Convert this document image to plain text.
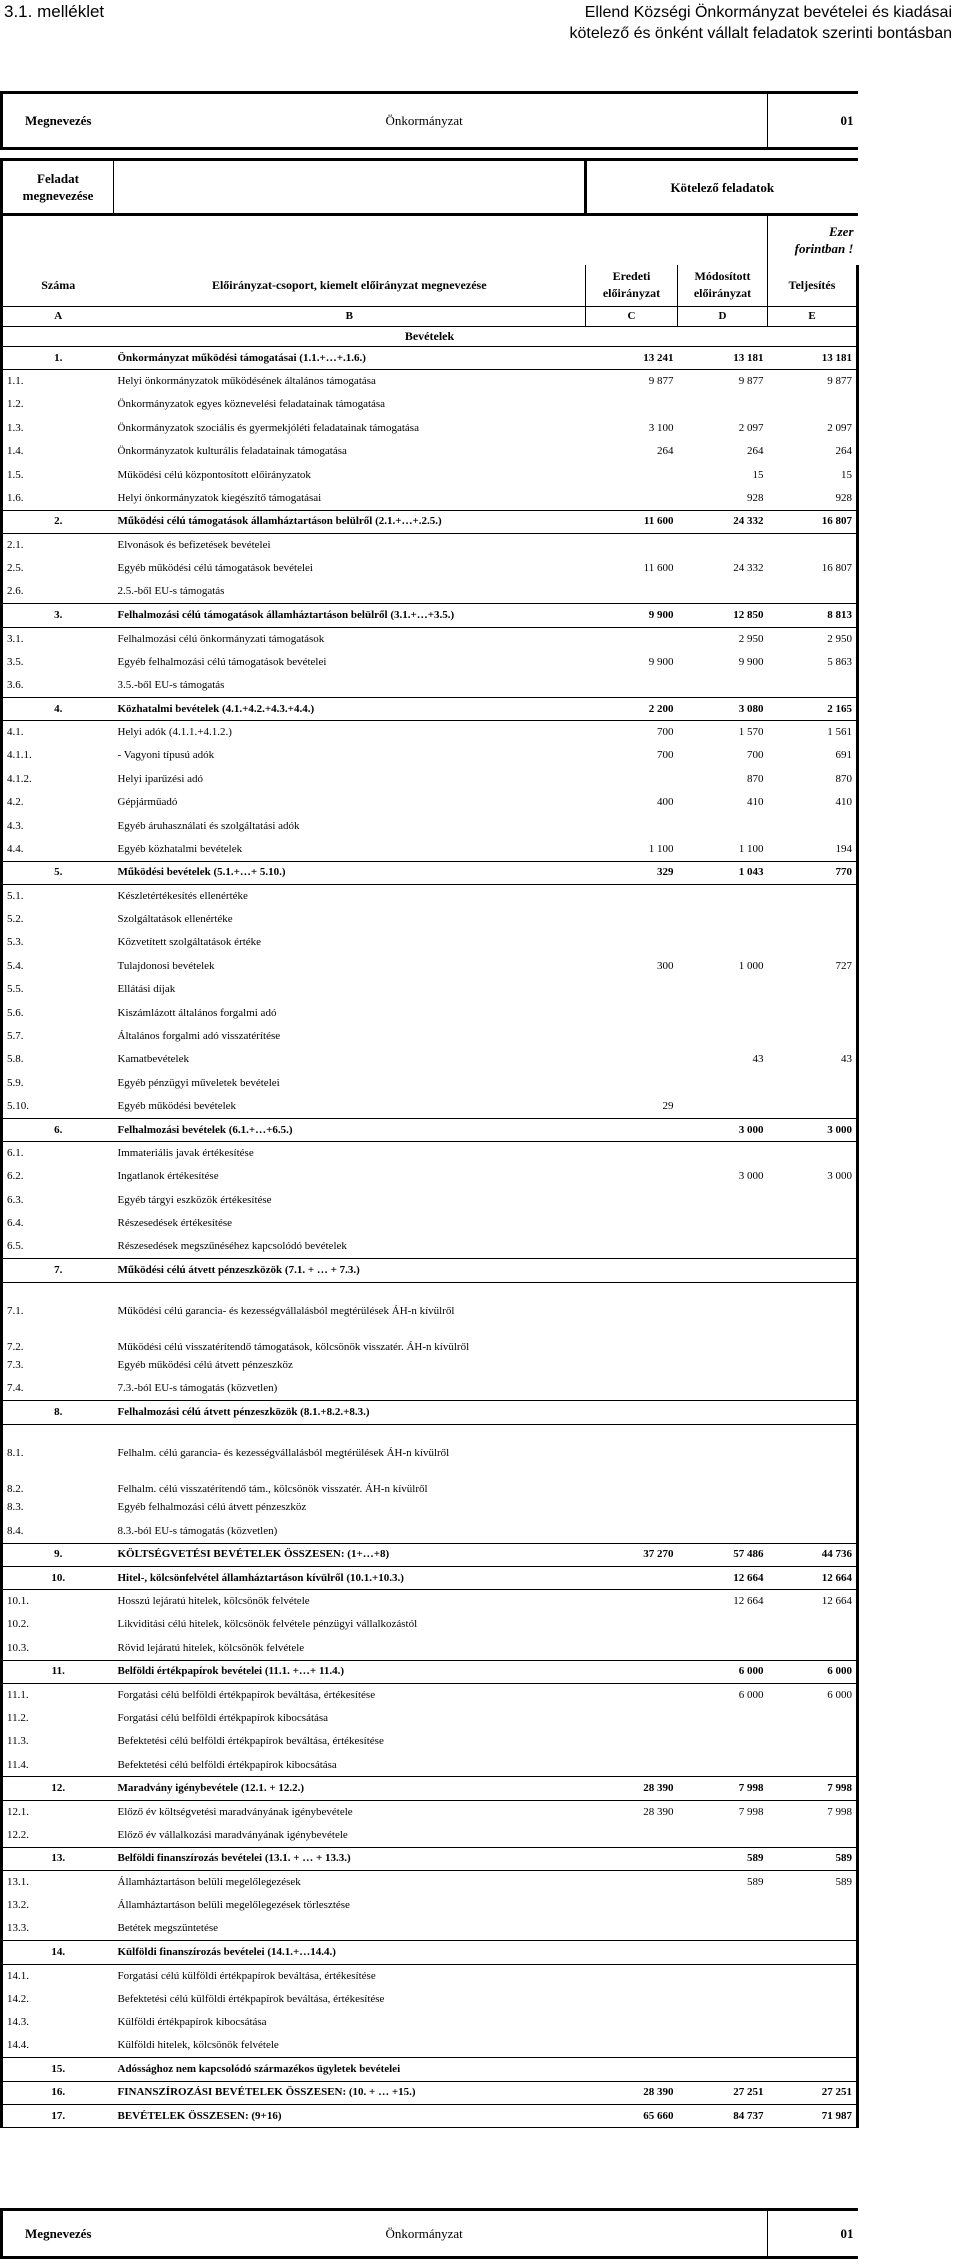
3.1. melléklet	Ellend Községi Önkormányzat bevételei és kiadásai
kötelező és önként vállalt feladatok szerinti bontásban
Megnevezés	Önkormányzat			01

Feladat megnevezése		Kötelező feladatok		

				Ezer
forintban !

Száma	Előirányzat-csoport, kiemelt előirányzat megnevezése	Eredeti előirányzat	Módosított előirányzat	Teljesítés
A	B	C	D	E
Bevételek				
1.	Önkormányzat működési támogatásai (1.1.+…+.1.6.)	13 241	13 181	13 181
1.1.	Helyi önkormányzatok működésének általános támogatása	9 877	9 877	9 877
1.2.	Önkormányzatok egyes köznevelési feladatainak támogatása			
1.3.	Önkormányzatok szociális és gyermekjóléti feladatainak támogatása	3 100	2 097	2 097
1.4.	Önkormányzatok kulturális feladatainak támogatása	264	264	264
1.5.	Működési célú központosított előirányzatok		15	15
1.6.	Helyi önkormányzatok kiegészítő támogatásai		928	928
2.	Működési célú támogatások államháztartáson belülről (2.1.+…+.2.5.)	11 600	24 332	16 807
2.1.	Elvonások és befizetések bevételei			
2.5.	Egyéb működési célú támogatások bevételei	11 600	24 332	16 807
2.6.	2.5.-ből EU-s támogatás			
3.	Felhalmozási célú támogatások államháztartáson belülről (3.1.+…+3.5.)	9 900	12 850	8 813
3.1.	Felhalmozási célú önkormányzati támogatások		2 950	2 950
3.5.	Egyéb felhalmozási célú támogatások bevételei	9 900	9 900	5 863
3.6.	3.5.-ből EU-s támogatás			
4.	Közhatalmi bevételek (4.1.+4.2.+4.3.+4.4.)	2 200	3 080	2 165
4.1.	Helyi adók (4.1.1.+4.1.2.)	700	1 570	1 561
4.1.1.	- Vagyoni típusú adók	700	700	691
4.1.2.	Helyi iparűzési adó		870	870
4.2.	Gépjárműadó	400	410	410
4.3.	Egyéb áruhasználati és szolgáltatási adók			
4.4.	Egyéb közhatalmi bevételek	1 100	1 100	194
5.	Működési bevételek (5.1.+…+ 5.10.)	329	1 043	770
5.1.	Készletértékesítés ellenértéke			
5.2.	Szolgáltatások ellenértéke			
5.3.	Közvetített szolgáltatások értéke			
5.4.	Tulajdonosi bevételek	300	1 000	727
5.5.	Ellátási díjak			
5.6.	Kiszámlázott általános forgalmi adó			
5.7.	Általános forgalmi adó visszatérítése			
5.8.	Kamatbevételek		43	43
5.9.	Egyéb pénzügyi műveletek bevételei			
5.10.	Egyéb működési bevételek	29		
6.	Felhalmozási bevételek (6.1.+…+6.5.)		3 000	3 000
6.1.	Immateriális javak értékesítése			
6.2.	Ingatlanok értékesítése		3 000	3 000
6.3.	Egyéb tárgyi eszközök értékesítése			
6.4.	Részesedések értékesítése			
6.5.	Részesedések megszűnéséhez kapcsolódó bevételek			
7.	Működési célú átvett pénzeszközök (7.1. + … + 7.3.)			
7.1.	Működési célú garancia- és kezességvállalásból megtérülések ÁH-n kívülről			
7.2.	Működési célú visszatérítendő támogatások, kölcsönök visszatér. ÁH-n kívülről			
7.3.	Egyéb működési célú átvett pénzeszköz			
7.4.	7.3.-ból EU-s támogatás (közvetlen)			
8.	Felhalmozási célú átvett pénzeszközök (8.1.+8.2.+8.3.)			
8.1.	Felhalm. célú garancia- és kezességvállalásból megtérülések ÁH-n kívülről			
8.2.	Felhalm. célú visszatérítendő tám., kölcsönök visszatér. ÁH-n kívülről			
8.3.	Egyéb felhalmozási célú átvett pénzeszköz			
8.4.	8.3.-ból EU-s támogatás (közvetlen)			
9.	KÖLTSÉGVETÉSI BEVÉTELEK ÖSSZESEN: (1+…+8)	37 270	57 486	44 736
10.	Hitel-, kölcsönfelvétel államháztartáson kívülről (10.1.+10.3.)		12 664	12 664
10.1.	Hosszú lejáratú hitelek, kölcsönök felvétele		12 664	12 664
10.2.	Likviditási célú hitelek, kölcsönök felvétele pénzügyi vállalkozástól			
10.3.	Rövid lejáratú hitelek, kölcsönök felvétele			
11.	Belföldi értékpapírok bevételei (11.1. +…+ 11.4.)		6 000	6 000
11.1.	Forgatási célú belföldi értékpapírok beváltása, értékesítése		6 000	6 000
11.2.	Forgatási célú belföldi értékpapírok kibocsátása			
11.3.	Befektetési célú belföldi értékpapírok beváltása, értékesítése			
11.4.	Befektetési célú belföldi értékpapírok kibocsátása			
12.	Maradvány igénybevétele (12.1. + 12.2.)	28 390	7 998	7 998
12.1.	Előző év költségvetési maradványának igénybevétele	28 390	7 998	7 998
12.2.	Előző év vállalkozási maradványának igénybevétele			
13.	Belföldi finanszírozás bevételei (13.1. + … + 13.3.)		589	589
13.1.	Államháztartáson belüli megelőlegezések		589	589
13.2.	Államháztartáson belüli megelőlegezések törlesztése			
13.3.	Betétek megszüntetése			
14.	Külföldi finanszírozás bevételei (14.1.+…14.4.)			
14.1.	Forgatási célú külföldi értékpapírok beváltása, értékesítése			
14.2.	Befektetési célú külföldi értékpapírok beváltása, értékesítése			
14.3.	Külföldi értékpapírok kibocsátása			
14.4.	Külföldi hitelek, kölcsönök felvétele			
15.	Adóssághoz nem kapcsolódó származékos ügyletek bevételei			
16.	FINANSZÍROZÁSI BEVÉTELEK ÖSSZESEN: (10. + … +15.)	28 390	27 251	27 251
17.	BEVÉTELEK ÖSSZESEN: (9+16)	65 660	84 737	71 987
Megnevezés	Önkormányzat	01
